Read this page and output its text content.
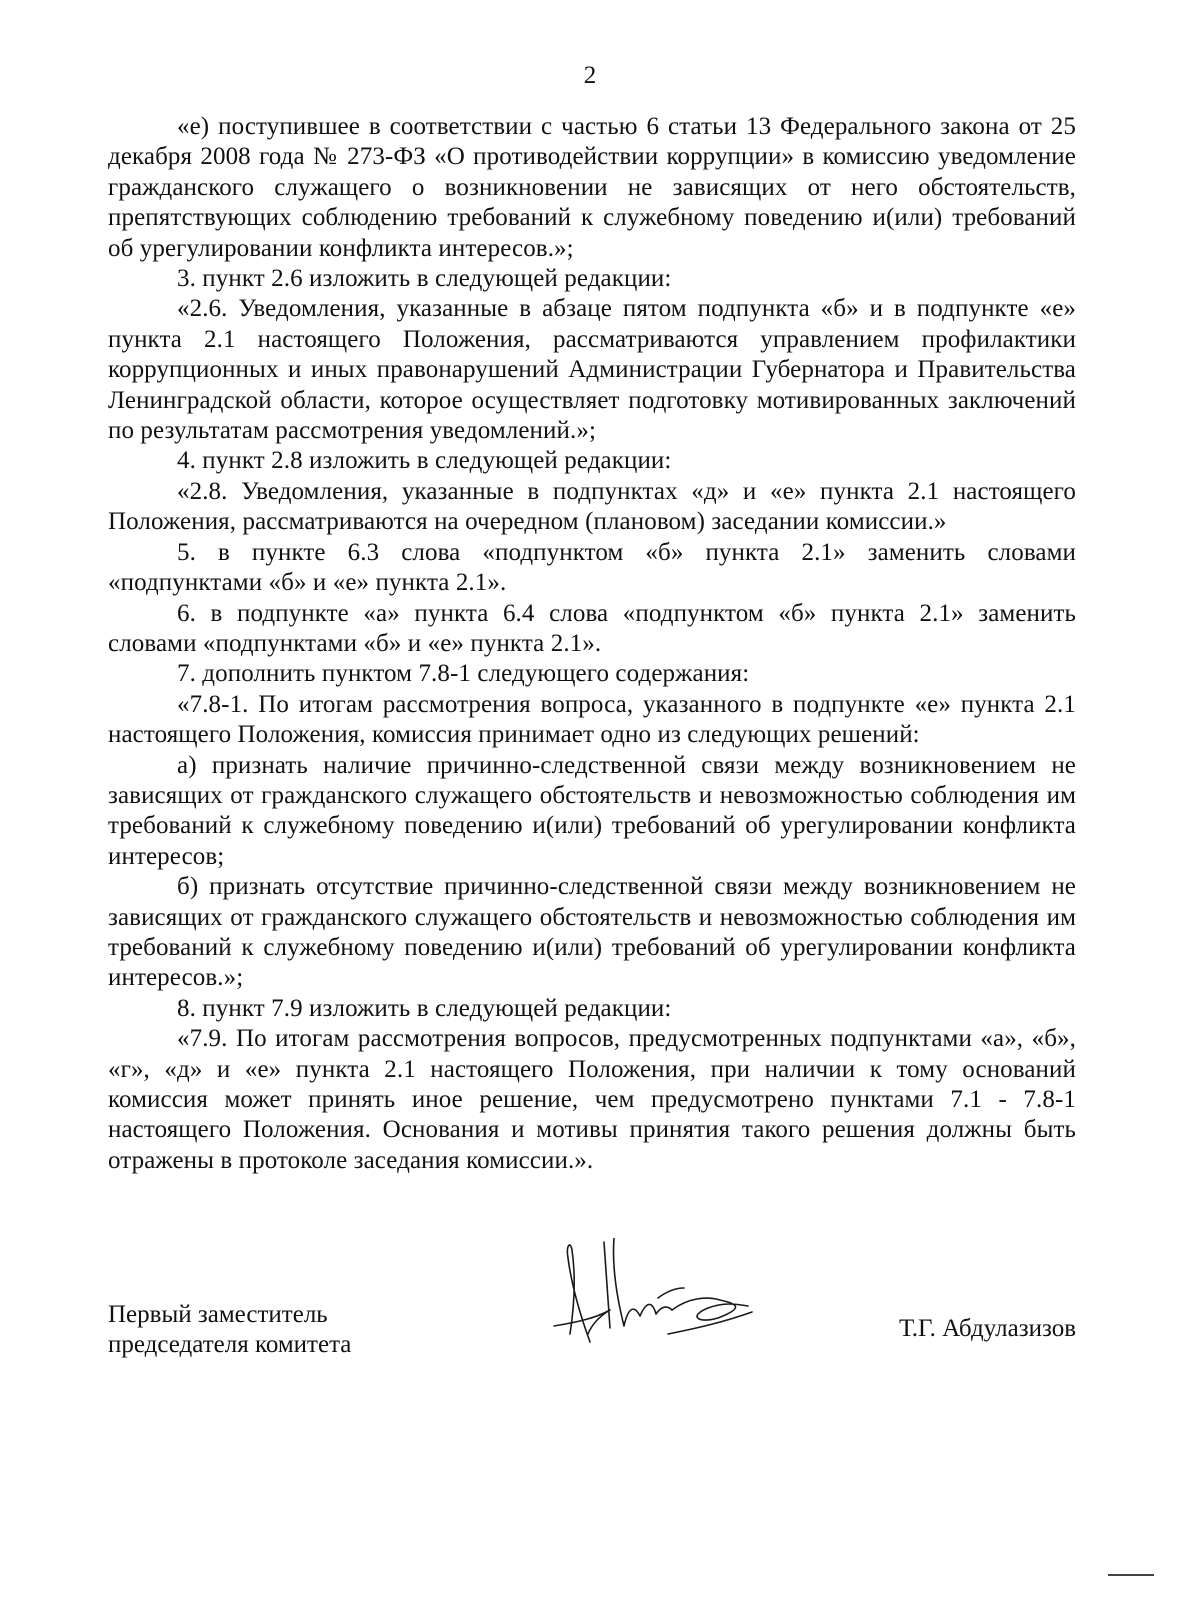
2

«е) поступившее в соответствии с частью 6 статьи 13 Федерального закона от 25 декабря 2008 года № 273-ФЗ «О противодействии коррупции» в комиссию уведомление гражданского служащего о возникновении не зависящих от него обстоятельств, препятствующих соблюдению требований к служебному поведению и(или) требований об урегулировании конфликта интересов.»;

3. пункт 2.6 изложить в следующей редакции:

«2.6. Уведомления, указанные в абзаце пятом подпункта «б» и в подпункте «е» пункта 2.1 настоящего Положения, рассматриваются управлением профилактики коррупционных и иных правонарушений Администрации Губернатора и Правительства Ленинградской области, которое осуществляет подготовку мотивированных заключений по результатам рассмотрения уведомлений.»;

4. пункт 2.8 изложить в следующей редакции:

«2.8. Уведомления, указанные в подпунктах «д» и «е» пункта 2.1 настоящего Положения, рассматриваются на очередном (плановом) заседании комиссии.»

5. в пункте 6.3 слова «подпунктом «б» пункта 2.1» заменить словами «подпунктами «б» и «е» пункта 2.1».

6. в подпункте «а» пункта 6.4 слова «подпунктом «б» пункта 2.1» заменить словами «подпунктами «б» и «е» пункта 2.1».

7. дополнить пунктом 7.8-1 следующего содержания:

«7.8-1. По итогам рассмотрения вопроса, указанного в подпункте «е» пункта 2.1 настоящего Положения, комиссия принимает одно из следующих решений:

а) признать наличие причинно-следственной связи между возникновением не зависящих от гражданского служащего обстоятельств и невозможностью соблюдения им требований к служебному поведению и(или) требований об урегулировании конфликта интересов;

б) признать отсутствие причинно-следственной связи между возникновением не зависящих от гражданского служащего обстоятельств и невозможностью соблюдения им требований к служебному поведению и(или) требований об урегулировании конфликта интересов.»;

8. пункт 7.9 изложить в следующей редакции:

«7.9. По итогам рассмотрения вопросов, предусмотренных подпунктами «а», «б», «г», «д» и «е» пункта 2.1 настоящего Положения, при наличии к тому оснований комиссия может принять иное решение, чем предусмотрено пунктами 7.1 - 7.8-1 настоящего Положения. Основания и мотивы принятия такого решения должны быть отражены в протоколе заседания комиссии.».

Первый заместитель
председателя комитета
Т.Г. Абдулазизов
